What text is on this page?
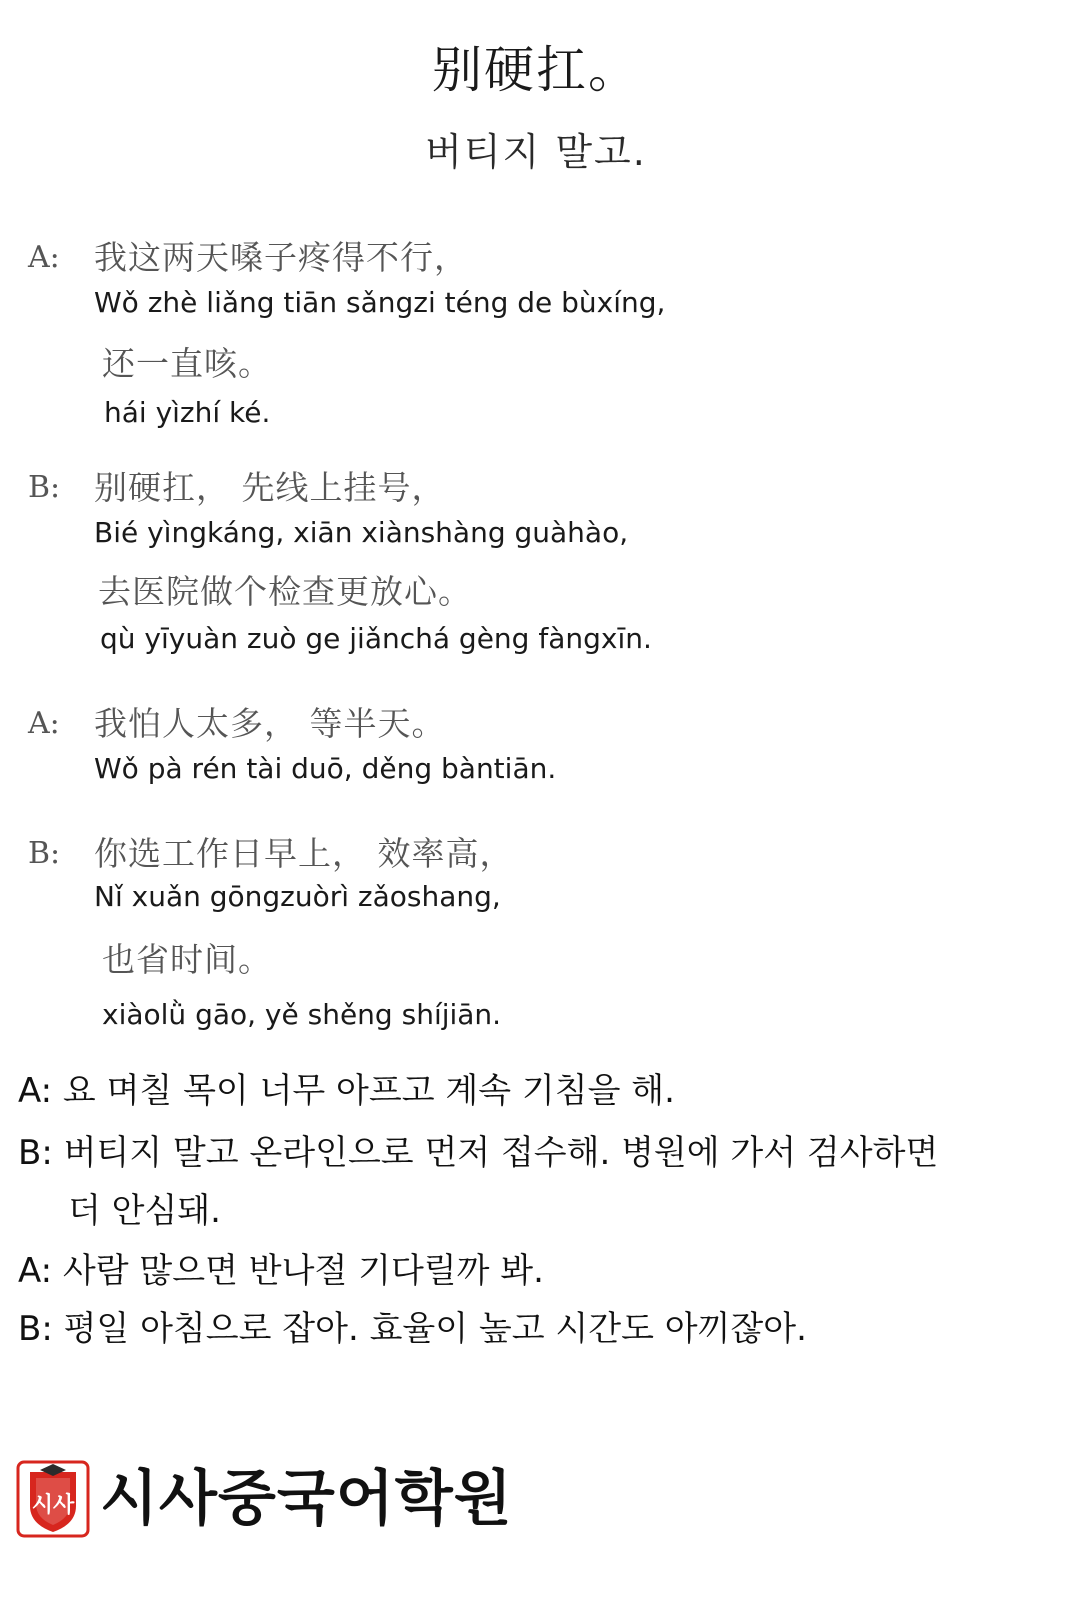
别硬扛。
버티지 말고.
A: 我这两天嗓子疼得不行，
Wǒ zhè liǎng tiān sǎngzi téng de bùxíng,
还一直咳。
hái yìzhí ké.
B: 别硬扛， 先线上挂号，
Bié yìngkáng, xiān xiànshàng guàhào,
去医院做个检查更放心。
qù yīyuàn zuò ge jiǎnchá gèng fàngxīn.
A: 我怕人太多， 等半天。
Wǒ pà rén tài duō, děng bàntiān.
B: 你选工作日早上， 效率高，
Nǐ xuǎn gōngzuòrì zǎoshang,
也省时间。
xiàolǜ gāo, yě shěng shíjiān.
A: 요 며칠 목이 너무 아프고 계속 기침을 해.
B: 버티지 말고 온라인으로 먼저 접수해. 병원에 가서 검사하면
더 안심돼.
A: 사람 많으면 반나절 기다릴까 봐.
B: 평일 아침으로 잡아. 효율이 높고 시간도 아끼잖아.
시사 시사중국어학원
